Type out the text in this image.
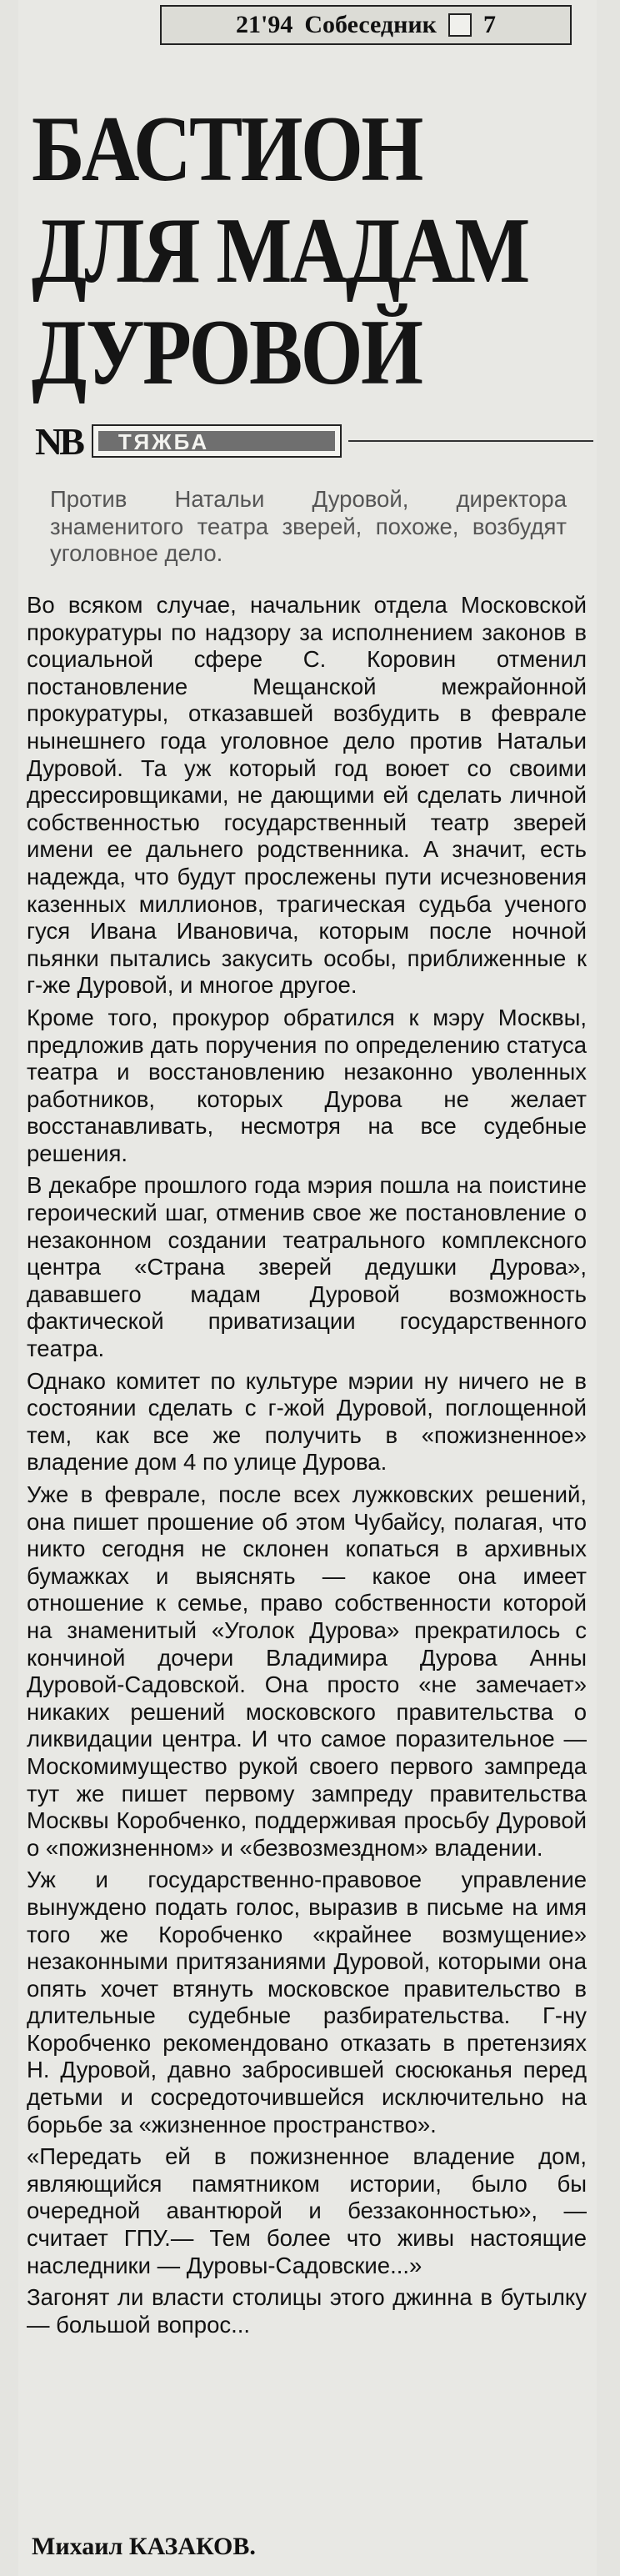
21'94 Собеседник 7
БАСТИОН
ДЛЯ МАДАМ
ДУРОВОЙ
NB ТЯЖБА

Против Натальи Дуровой, директора знаменитого театра зверей, похоже, возбудят уголовное дело.

Во всяком случае, начальник отдела Московской прокуратуры по надзору за исполнением законов в социальной сфере С. Коровин отменил постановление Мещанской межрайонной прокуратуры, отказавшей возбудить в феврале нынешнего года уголовное дело против Натальи Дуровой. Та уж который год воюет со своими дрессировщиками, не дающими ей сделать личной собственностью государственный театр зверей имени ее дальнего родственника. А значит, есть надежда, что будут прослежены пути исчезновения казенных миллионов, трагическая судьба ученого гуся Ивана Ивановича, которым после ночной пьянки пытались закусить особы, приближенные к г-же Дуровой, и многое другое.

Кроме того, прокурор обратился к мэру Москвы, предложив дать поручения по определению статуса театра и восстановлению незаконно уволенных работников, которых Дурова не желает восстанавливать, несмотря на все судебные решения.

В декабре прошлого года мэрия пошла на поистине героический шаг, отменив свое же постановление о незаконном создании театрального комплексного центра «Страна зверей дедушки Дурова», дававшего мадам Дуровой возможность фактической приватизации государственного театра.

Однако комитет по культуре мэрии ну ничего не в состоянии сделать с г-жой Дуровой, поглощенной тем, как все же получить в «пожизненное» владение дом 4 по улице Дурова.

Уже в феврале, после всех лужковских решений, она пишет прошение об этом Чубайсу, полагая, что никто сегодня не склонен копаться в архивных бумажках и выяснять — какое она имеет отношение к семье, право собственности которой на знаменитый «Уголок Дурова» прекратилось с кончиной дочери Владимира Дурова Анны Дуровой-Садовской. Она просто «не замечает» никаких решений московского правительства о ликвидации центра. И что самое поразительное — Москомимущество рукой своего первого зампреда тут же пишет первому зампреду правительства Москвы Коробченко, поддерживая просьбу Дуровой о «пожизненном» и «безвозмездном» владении.

Уж и государственно-правовое управление вынуждено подать голос, выразив в письме на имя того же Коробченко «крайнее возмущение» незаконными притязаниями Дуровой, которыми она опять хочет втянуть московское правительство в длительные судебные разбирательства. Г-ну Коробченко рекомендовано отказать в претензиях Н. Дуровой, давно забросившей сюсюканья перед детьми и сосредоточившейся исключительно на борьбе за «жизненное пространство».

«Передать ей в пожизненное владение дом, являющийся памятником истории, было бы очередной авантюрой и беззаконностью», — считает ГПУ.— Тем более что живы настоящие наследники — Дуровы-Садовские...»

Загонят ли власти столицы этого джинна в бутылку — большой вопрос...

Михаил КАЗАКОВ.
